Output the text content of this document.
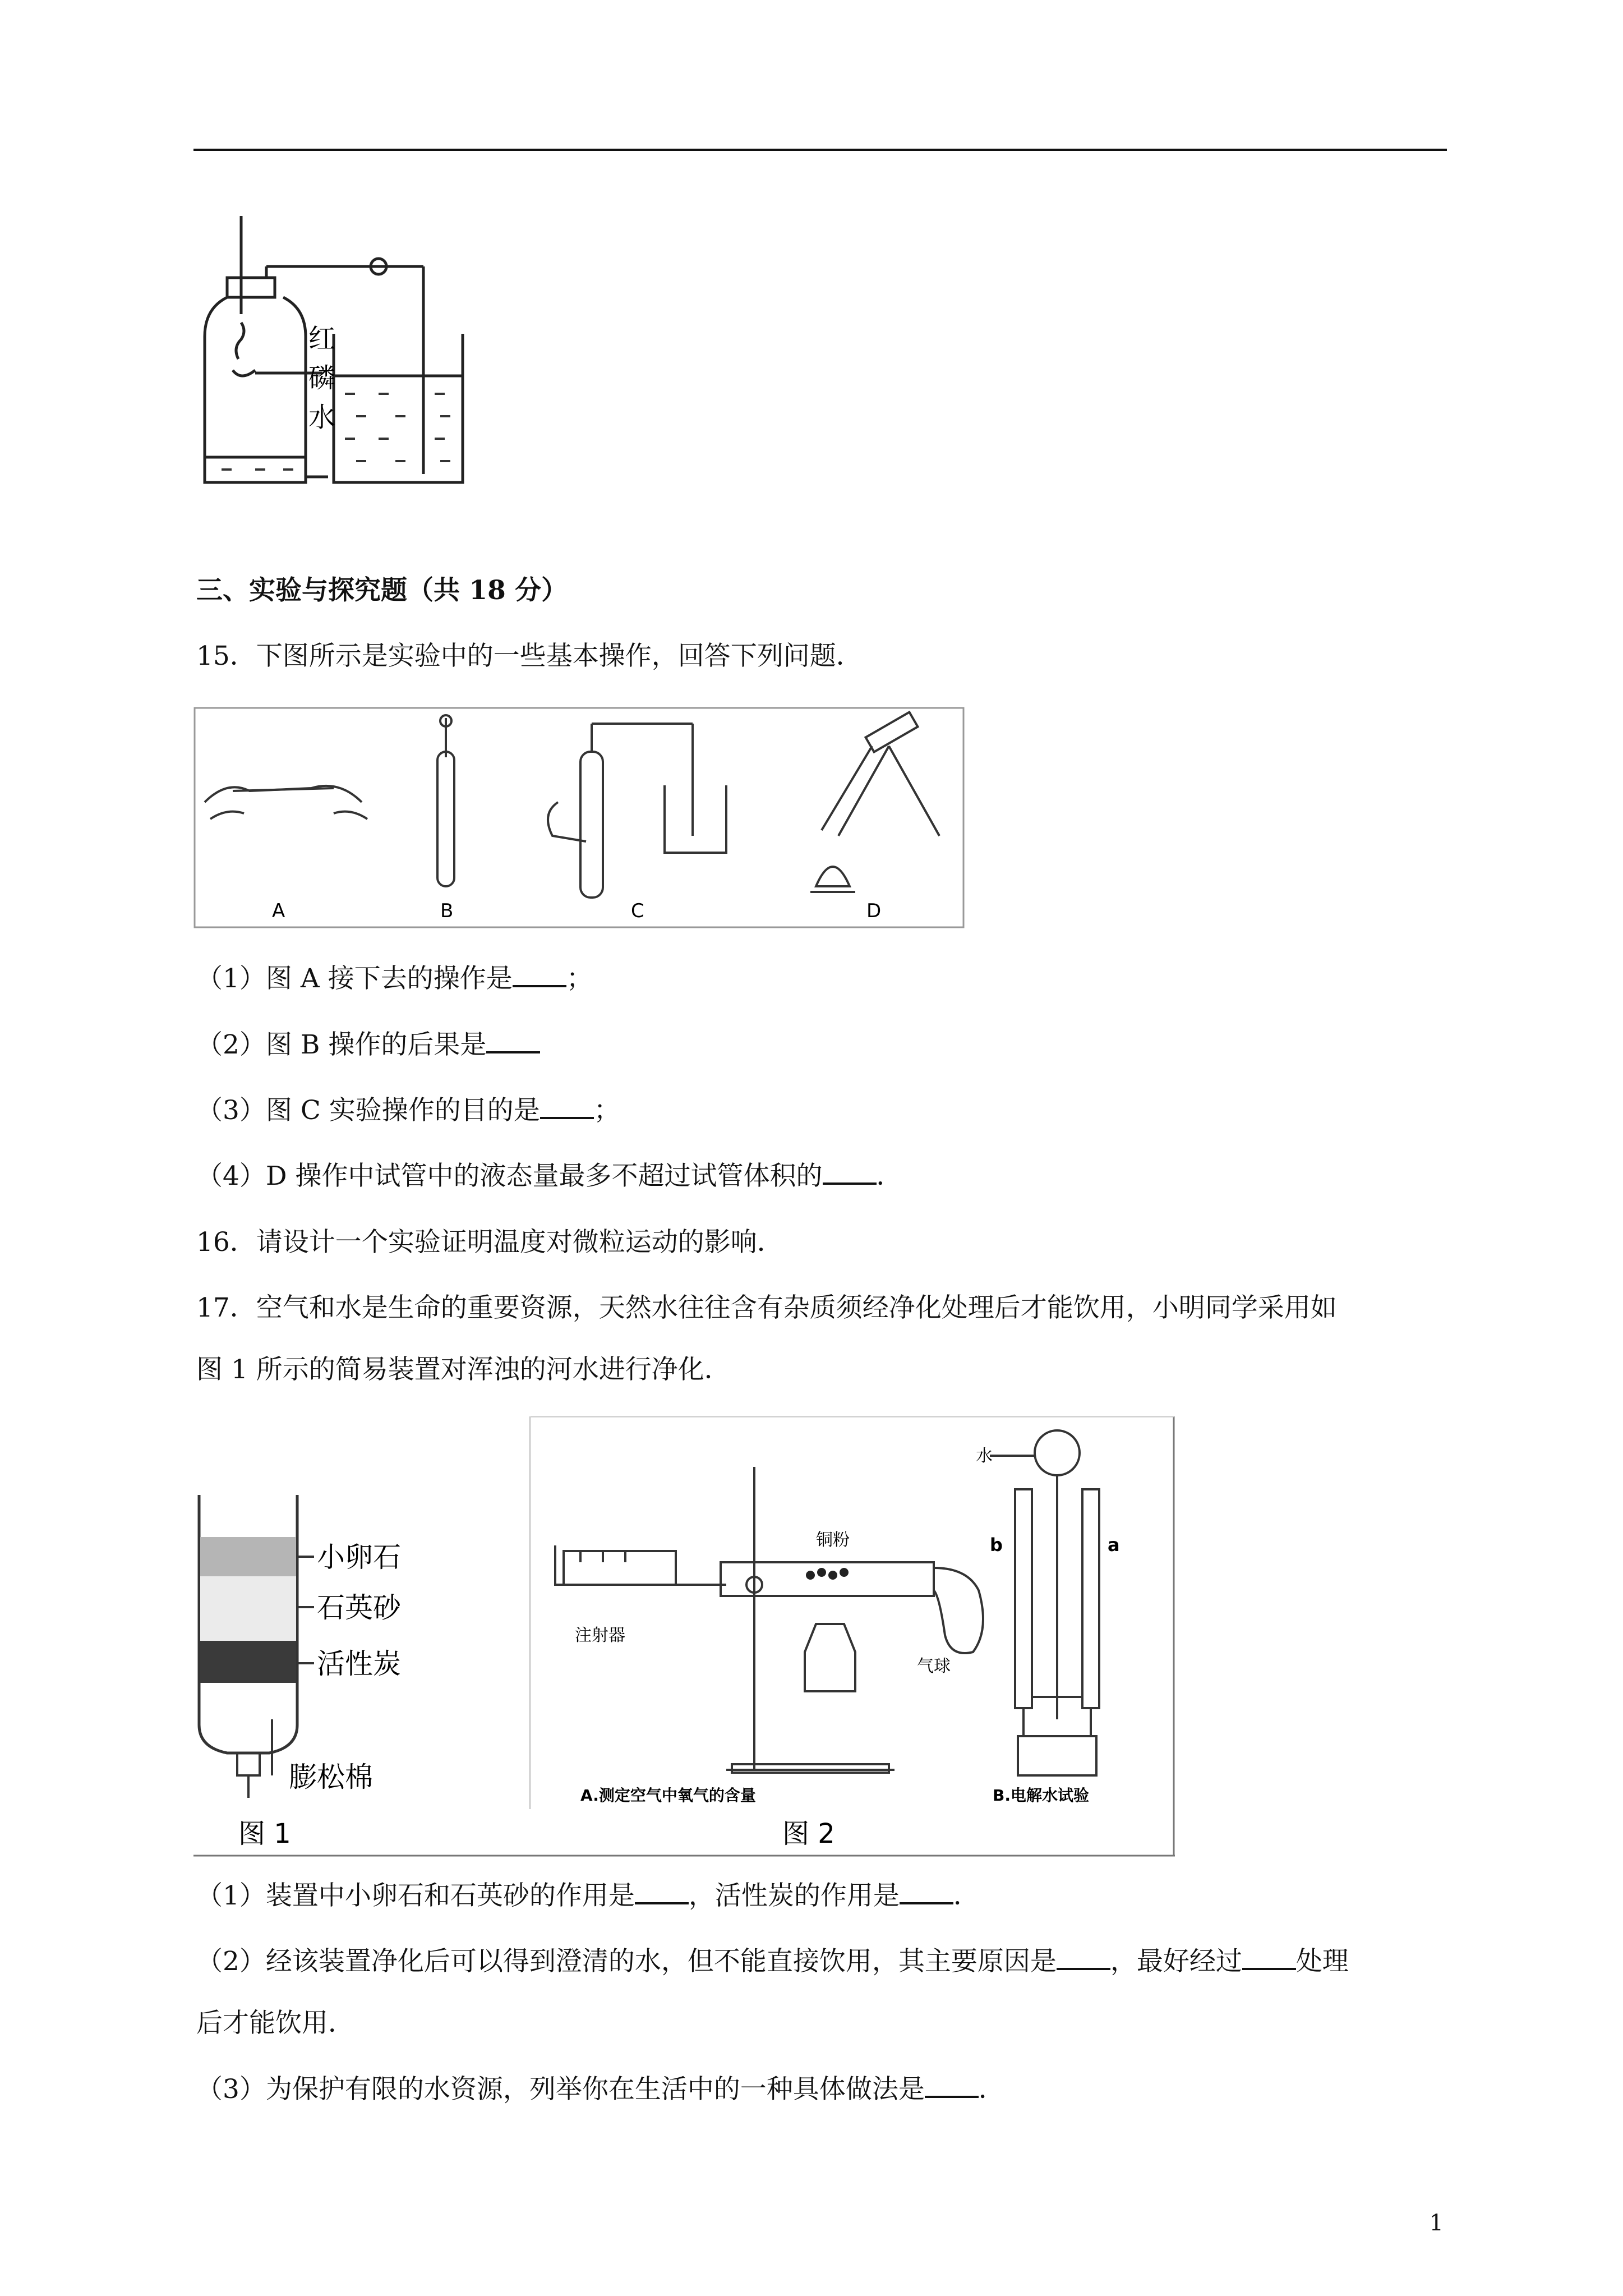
红
磷
水
三、实验与探究题（共 18 分）
15．下图所示是实验中的一些基本操作，回答下列问题．
A	B	C	D
（1）图 A 接下去的操作是 ；
（2）图 B 操作的后果是
（3）图 C 实验操作的目的是 ；
（4）D 操作中试管中的液态量最多不超过试管体积的 ．
16．请设计一个实验证明温度对微粒运动的影响．
17．空气和水是生命的重要资源，天然水往往含有杂质须经净化处理后才能饮用，小明同学采用如
图 1 所示的简易装置对浑浊的河水进行净化．
小卵石
石英砂
活性炭
膨松棉
图 1
铜粉
注射器
气球
A.测定空气中氧气的含量
水
b	a
B.电解水试验
图 2
（1）装置中小卵石和石英砂的作用是 ，活性炭的作用是 ．
（2）经该装置净化后可以得到澄清的水，但不能直接饮用，其主要原因是 ，最好经过 处理
后才能饮用．
（3）为保护有限的水资源，列举你在生活中的一种具体做法是 ．
1
